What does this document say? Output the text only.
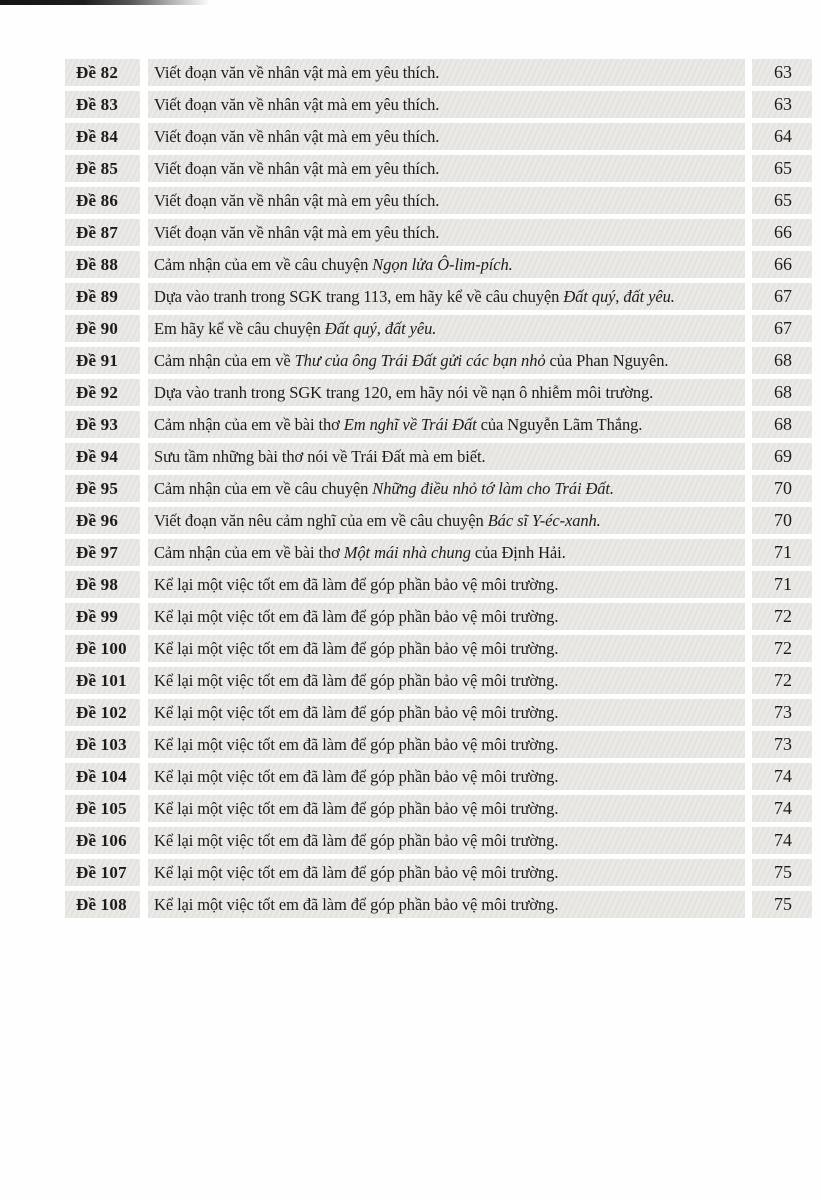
Đề 82	Viết đoạn văn về nhân vật mà em yêu thích.	63
Đề 83	Viết đoạn văn về nhân vật mà em yêu thích.	63
Đề 84	Viết đoạn văn về nhân vật mà em yêu thích.	64
Đề 85	Viết đoạn văn về nhân vật mà em yêu thích.	65
Đề 86	Viết đoạn văn về nhân vật mà em yêu thích.	65
Đề 87	Viết đoạn văn về nhân vật mà em yêu thích.	66
Đề 88	Cảm nhận của em về câu chuyện Ngọn lửa Ô-lim-pích.	66
Đề 89	Dựa vào tranh trong SGK trang 113, em hãy kể về câu chuyện Đất quý, đất yêu.	67
Đề 90	Em hãy kể về câu chuyện Đất quý, đất yêu.	67
Đề 91	Cảm nhận của em về Thư của ông Trái Đất gửi các bạn nhỏ của Phan Nguyên.	68
Đề 92	Dựa vào tranh trong SGK trang 120, em hãy nói về nạn ô nhiễm môi trường.	68
Đề 93	Cảm nhận của em về bài thơ Em nghĩ về Trái Đất của Nguyễn Lãm Thắng.	68
Đề 94	Sưu tầm những bài thơ nói về Trái Đất mà em biết.	69
Đề 95	Cảm nhận của em về câu chuyện Những điều nhỏ tớ làm cho Trái Đất.	70
Đề 96	Viết đoạn văn nêu cảm nghĩ của em về câu chuyện Bác sĩ Y-éc-xanh.	70
Đề 97	Cảm nhận của em về bài thơ Một mái nhà chung của Định Hải.	71
Đề 98	Kể lại một việc tốt em đã làm để góp phần bảo vệ môi trường.	71
Đề 99	Kể lại một việc tốt em đã làm để góp phần bảo vệ môi trường.	72
Đề 100	Kể lại một việc tốt em đã làm để góp phần bảo vệ môi trường.	72
Đề 101	Kể lại một việc tốt em đã làm để góp phần bảo vệ môi trường.	72
Đề 102	Kể lại một việc tốt em đã làm để góp phần bảo vệ môi trường.	73
Đề 103	Kể lại một việc tốt em đã làm để góp phần bảo vệ môi trường.	73
Đề 104	Kể lại một việc tốt em đã làm để góp phần bảo vệ môi trường.	74
Đề 105	Kể lại một việc tốt em đã làm để góp phần bảo vệ môi trường.	74
Đề 106	Kể lại một việc tốt em đã làm để góp phần bảo vệ môi trường.	74
Đề 107	Kể lại một việc tốt em đã làm để góp phần bảo vệ môi trường.	75
Đề 108	Kể lại một việc tốt em đã làm để góp phần bảo vệ môi trường.	75
